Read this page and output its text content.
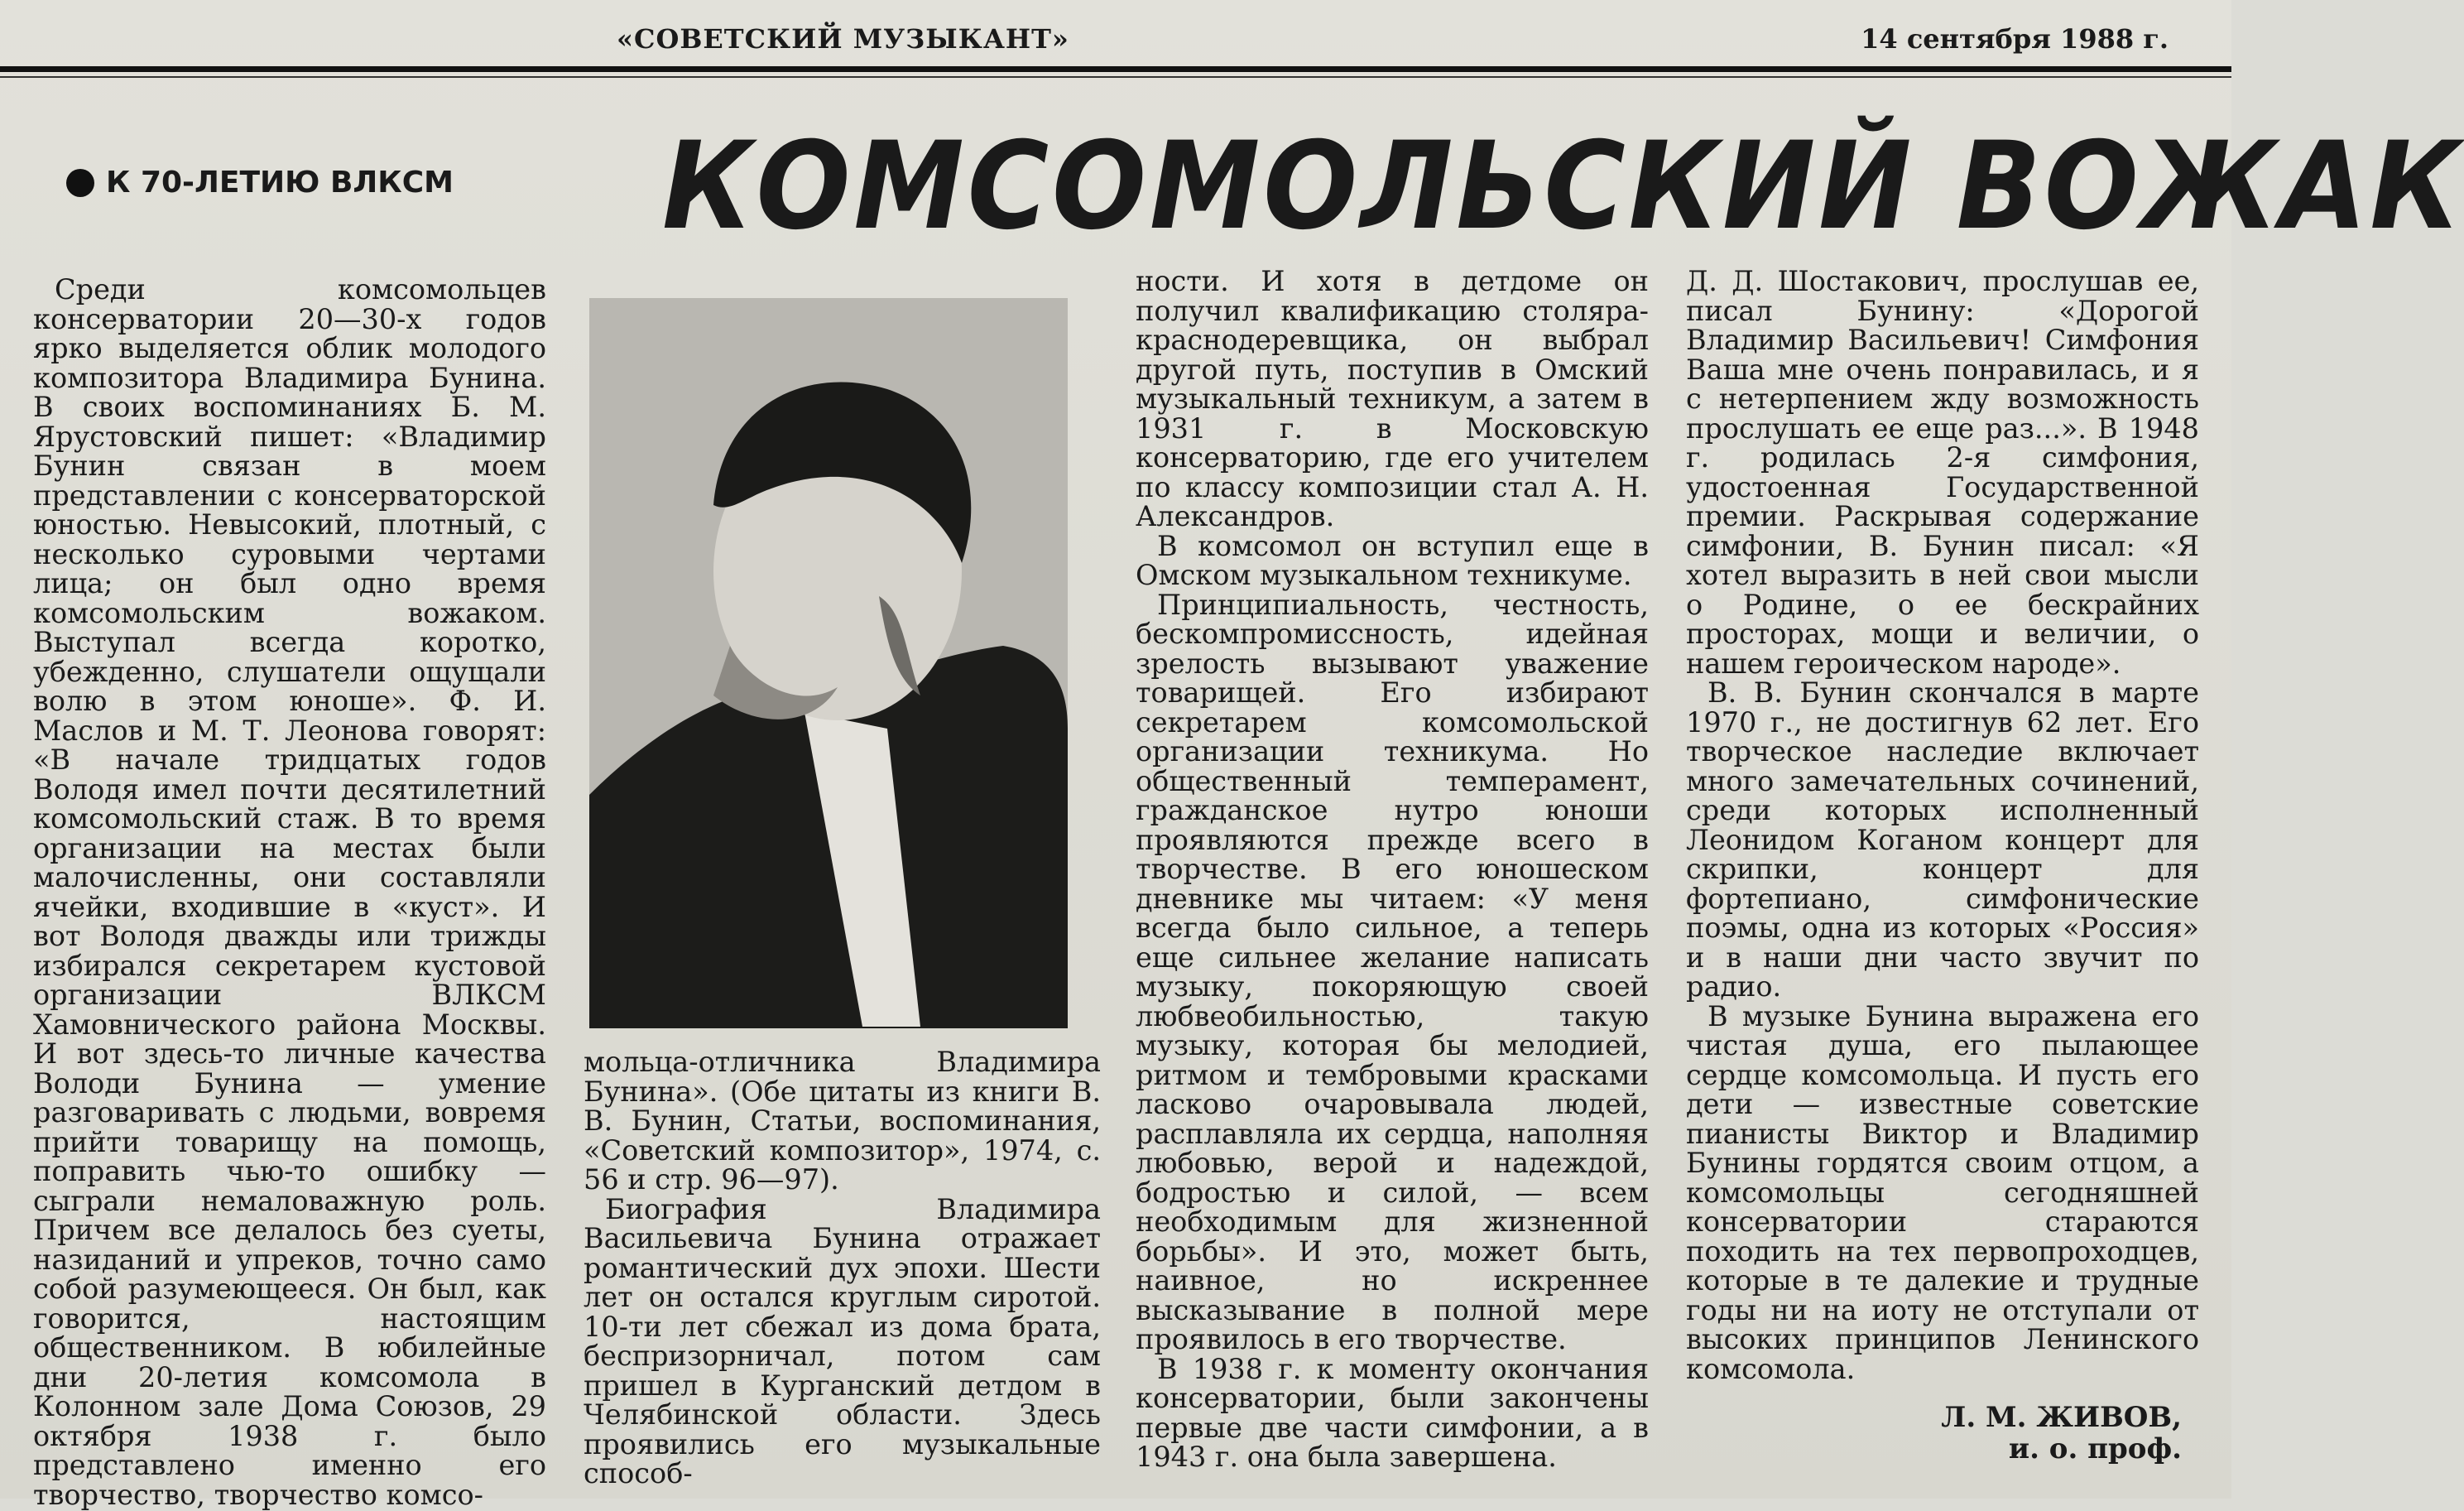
«СОВЕТСКИЙ МУЗЫКАНТ»	14 сентября 1988 г.
К 70-ЛЕТИЮ ВЛКСМ КОМСОМОЛЬСКИЙ ВОЖАК

Среди комсомольцев консерватории 20—30-х годов ярко выделяется облик молодого композитора Владимира Бунина. В своих воспоминаниях Б. М. Ярустовский пишет: «Владимир Бунин связан в моем представлении с консерваторской юностью. Невысокий, плотный, с несколько суровыми чертами лица; он был одно время комсомольским вожаком. Выступал всегда коротко, убежденно, слушатели ощущали волю в этом юноше». Ф. И. Маслов и М. Т. Леонова говорят: «В начале тридцатых годов Володя имел почти десятилетний комсомольский стаж. В то время организации на местах были малочисленны, они составляли ячейки, входившие в «куст». И вот Володя дважды или трижды избирался секретарем кустовой организации ВЛКСМ Хамовнического района Москвы. И вот здесь-то личные качества Володи Бунина — умение разговаривать с людьми, вовремя прийти товарищу на помощь, поправить чью-то ошибку — сыграли немаловажную роль. Причем все делалось без суеты, назиданий и упреков, точно само собой разумеющееся. Он был, как говорится, настоящим общественником. В юбилейные дни 20-летия комсомола в Колонном зале Дома Союзов, 29 октября 1938 г. было представлено именно его творчество, творчество комсо-

мольца-отличника Владимира Бунина». (Обе цитаты из книги В. В. Бунин, Статьи, воспоминания, «Советский композитор», 1974, с. 56 и стр. 96—97).

Биография Владимира Васильевича Бунина отражает романтический дух эпохи. Шести лет он остался круглым сиротой. 10-ти лет сбежал из дома брата, беспризорничал, потом сам пришел в Курганский детдом в Челябинской области. Здесь проявились его музыкальные способ-

ности. И хотя в детдоме он получил квалификацию столяра-краснодеревщика, он выбрал другой путь, поступив в Омский музыкальный техникум, а затем в 1931 г. в Московскую консерваторию, где его учителем по классу композиции стал А. Н. Александров.

В комсомол он вступил еще в Омском музыкальном техникуме.

Принципиальность, честность, бескомпромиссность, идейная зрелость вызывают уважение товарищей. Его избирают секретарем комсомольской организации техникума. Но общественный темперамент, гражданское нутро юноши проявляются прежде всего в творчестве. В его юношеском дневнике мы читаем: «У меня всегда было сильное, а теперь еще сильнее желание написать музыку, покоряющую своей любвеобильностью, такую музыку, которая бы мелодией, ритмом и тембровыми красками ласково очаровывала людей, расплавляла их сердца, наполняя любовью, верой и надеждой, бодростью и силой, — всем необходимым для жизненной борьбы». И это, может быть, наивное, но искреннее высказывание в полной мере проявилось в его творчестве.

В 1938 г. к моменту окончания консерватории, были закончены первые две части симфонии, а в 1943 г. она была завершена.

Д. Д. Шостакович, прослушав ее, писал Бунину: «Дорогой Владимир Васильевич! Симфония Ваша мне очень понравилась, и я с нетерпением жду возможность прослушать ее еще раз...». В 1948 г. родилась 2-я симфония, удостоенная Государственной премии. Раскрывая содержание симфонии, В. Бунин писал: «Я хотел выразить в ней свои мысли о Родине, о ее бескрайних просторах, мощи и величии, о нашем героическом народе».

В. В. Бунин скончался в марте 1970 г., не достигнув 62 лет. Его творческое наследие включает много замечательных сочинений, среди которых исполненный Леонидом Коганом концерт для скрипки, концерт для фортепиано, симфонические поэмы, одна из которых «Россия» и в наши дни часто звучит по радио.

В музыке Бунина выражена его чистая душа, его пылающее сердце комсомольца. И пусть его дети — известные советские пианисты Виктор и Владимир Бунины гордятся своим отцом, а комсомольцы сегодняшней консерватории стараются походить на тех первопроходцев, которые в те далекие и трудные годы ни на иоту не отступали от высоких принципов Ленинского комсомола.

Л. М. ЖИВОВ,
и. о. проф.
